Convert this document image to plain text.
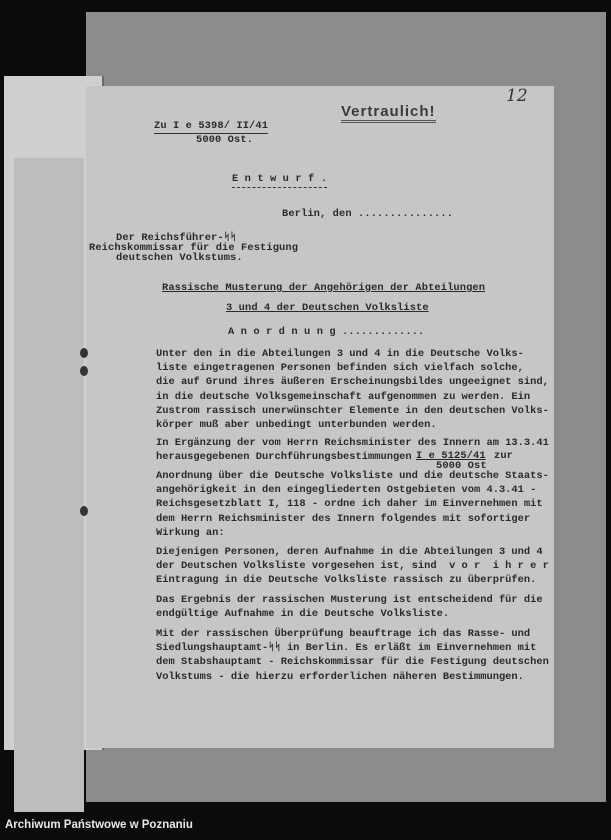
Vertraulich!
12
Zu I e 5398/ II/41
5000 Ost.
E n t w u r f .
Berlin, den ...............
Der Reichsführer-ᛋᛋ
Reichskommissar für die Festigung
deutschen Volkstums.
Rassische Musterung der Angehörigen der Abteilungen
3 und 4 der Deutschen Volksliste
A n o r d n u n g .............
Unter den in die Abteilungen 3 und 4 in die Deutsche Volks-
liste eingetragenen Personen befinden sich vielfach solche,
die auf Grund ihres äußeren Erscheinungsbildes ungeeignet sind,
in die deutsche Volksgemeinschaft aufgenommen zu werden. Ein
Zustrom rassisch unerwünschter Elemente in den deutschen Volks-
körper muß aber unbedingt unterbunden werden.
In Ergänzung der vom Herrn Reichsminister des Innern am 13.3.41
herausgegebenen Durchführungsbestimmungen I e 5125/41
5000 Ost
zur
Anordnung über die Deutsche Volksliste und die deutsche Staats-
angehörigkeit in den eingegliederten Ostgebieten vom 4.3.41 -
Reichsgesetzblatt I, 118 - ordne ich daher im Einvernehmen mit
dem Herrn Reichsminister des Innern folgendes mit sofortiger
Wirkung an:
Diejenigen Personen, deren Aufnahme in die Abteilungen 3 und 4
der Deutschen Volksliste vorgesehen ist, sind  v o r  i h r e r
Eintragung in die Deutsche Volksliste rassisch zu überprüfen.
Das Ergebnis der rassischen Musterung ist entscheidend für die
endgültige Aufnahme in die Deutsche Volksliste.
Mit der rassischen Überprüfung beauftrage ich das Rasse- und
Siedlungshauptamt-ᛋᛋ in Berlin. Es erläßt im Einvernehmen mit
dem Stabshauptamt - Reichskommissar für die Festigung deutschen
Volkstums - die hierzu erforderlichen näheren Bestimmungen.
Archiwum Państwowe w Poznaniu
